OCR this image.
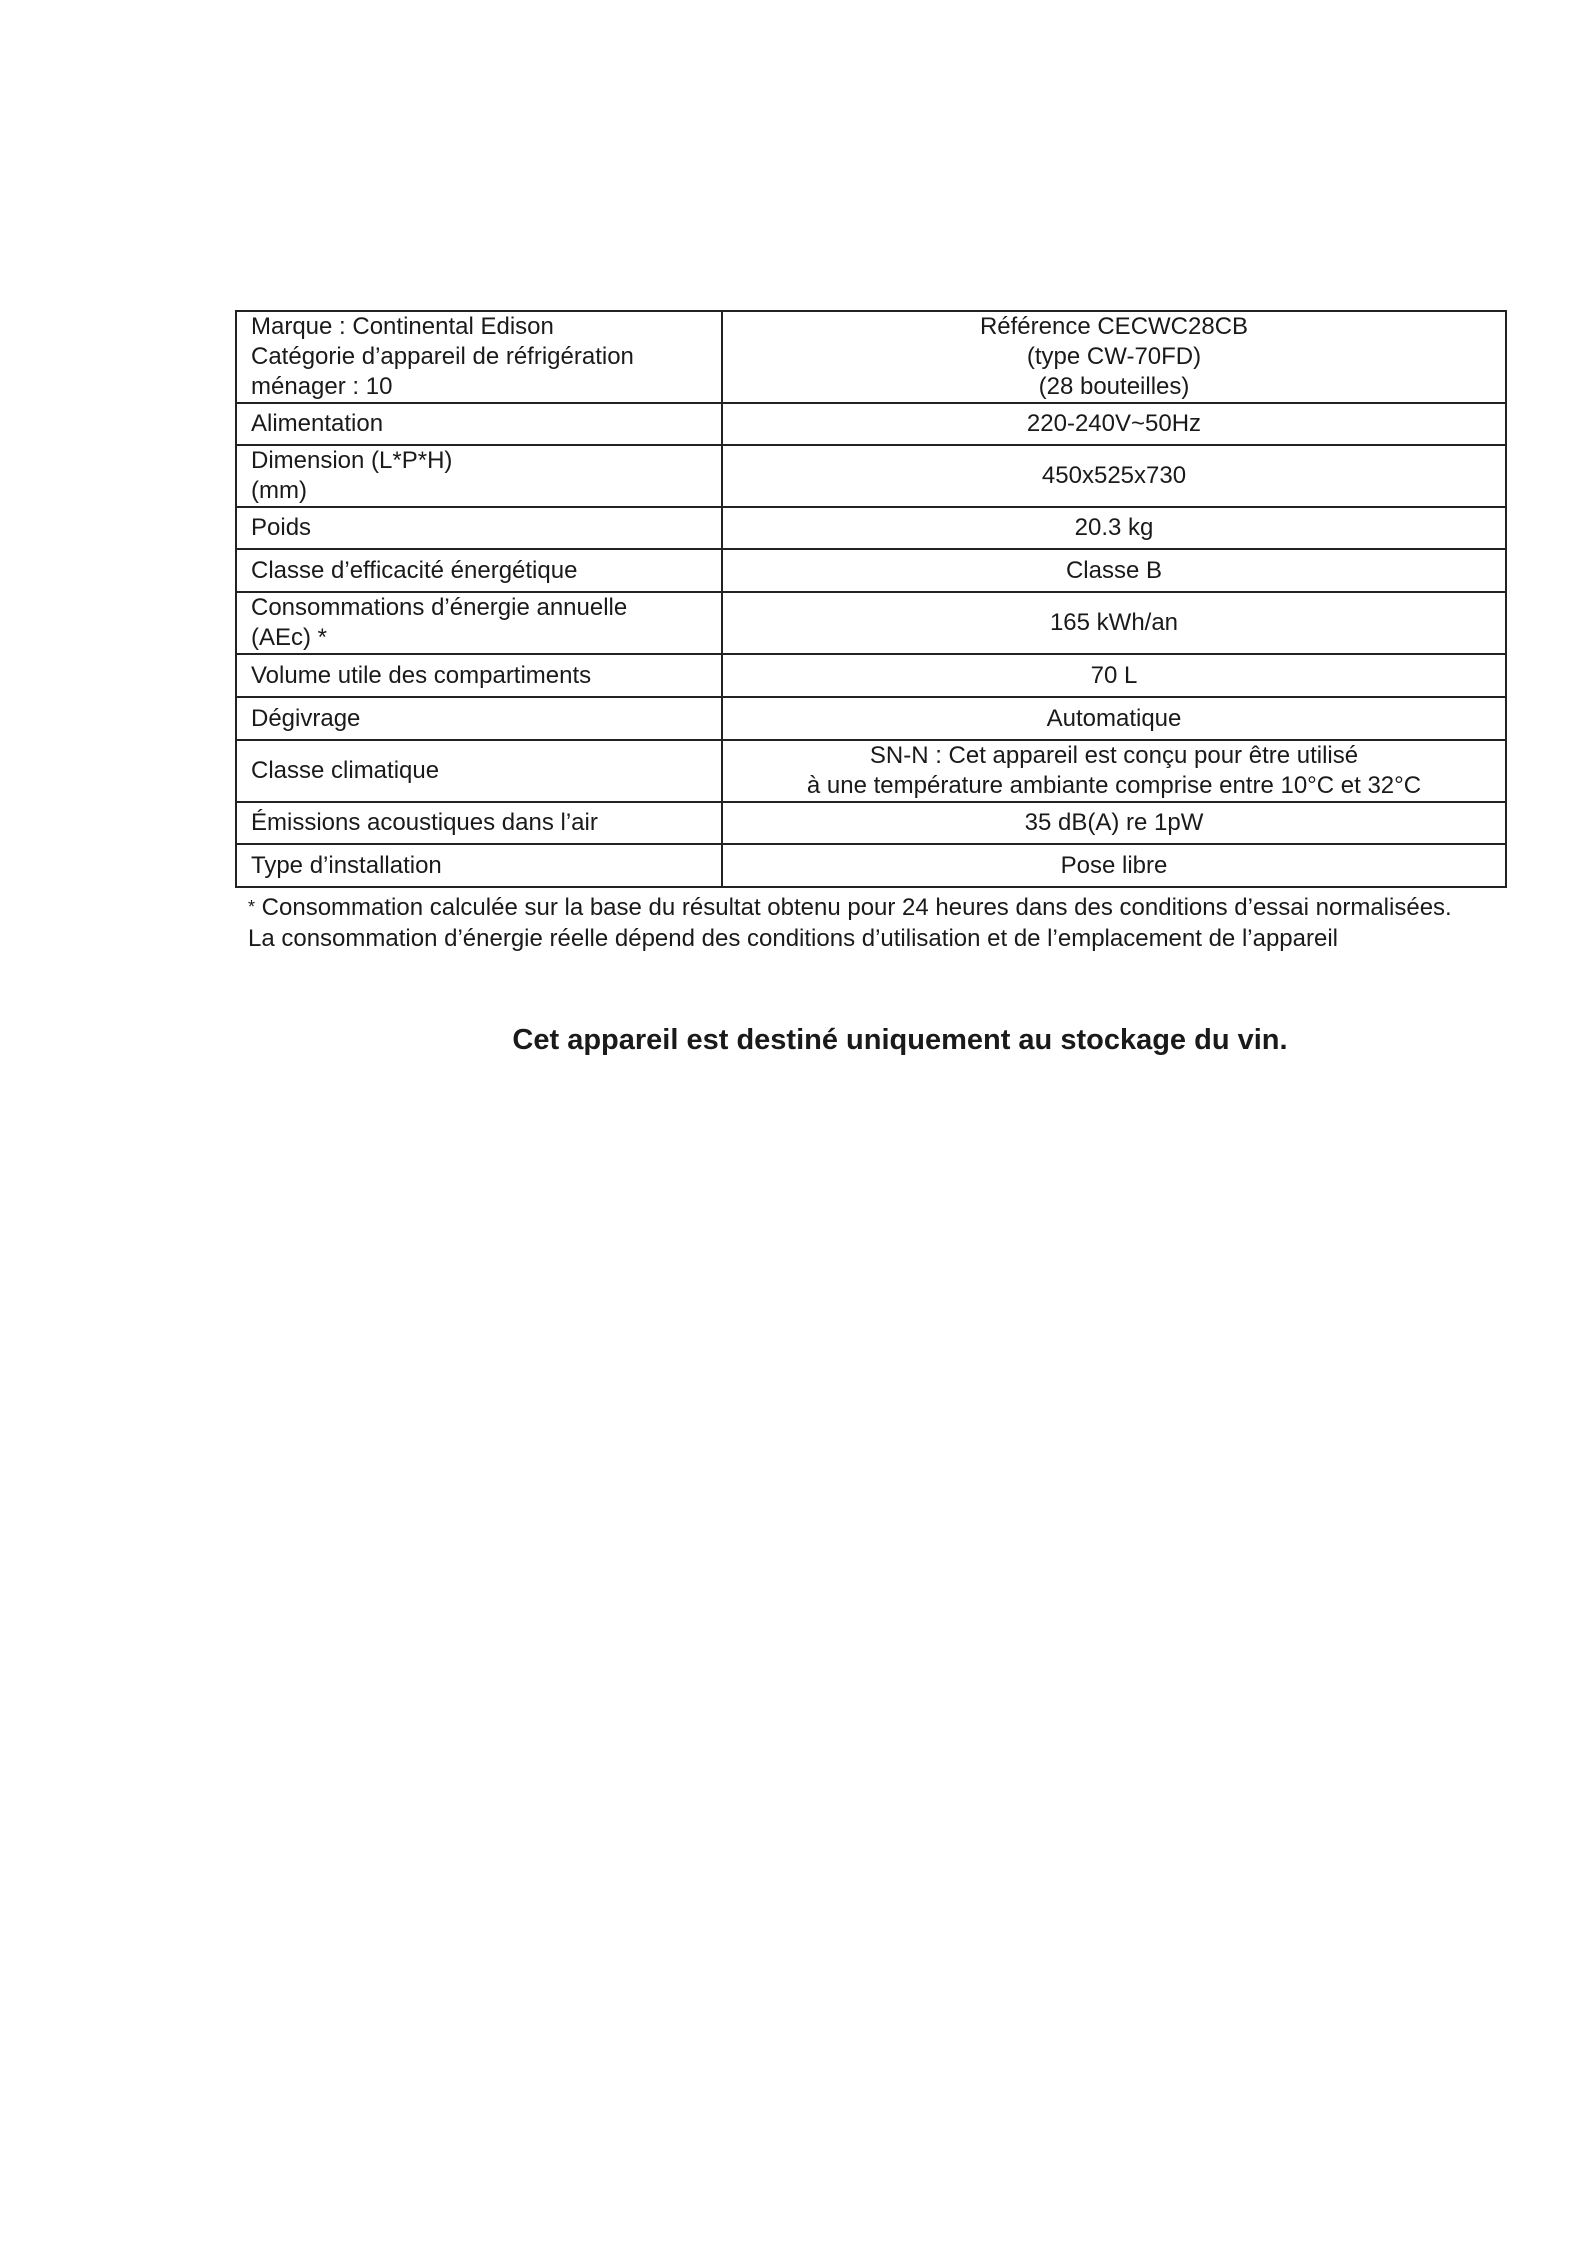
Marque : Continental Edison
Catégorie d’appareil de réfrigération
ménager : 10	Référence CECWC28CB
(type CW-70FD)
(28 bouteilles)
Alimentation	220-240V~50Hz
Dimension (L*P*H)
(mm)	450x525x730
Poids	20.3 kg
Classe d’efficacité énergétique	Classe B
Consommations d’énergie annuelle
(AEc) *	165 kWh/an
Volume utile des compartiments	70 L
Dégivrage	Automatique
Classe climatique	SN-N : Cet appareil est conçu pour être utilisé
à une température ambiante comprise entre 10°C et 32°C
Émissions acoustiques dans l’air	35 dB(A) re 1pW
Type d’installation	Pose libre
* Consommation calculée sur la base du résultat obtenu pour 24 heures dans des conditions d’essai normalisées.
La consommation d’énergie réelle dépend des conditions d’utilisation et de l’emplacement de l’appareil
Cet appareil est destiné uniquement au stockage du vin.
